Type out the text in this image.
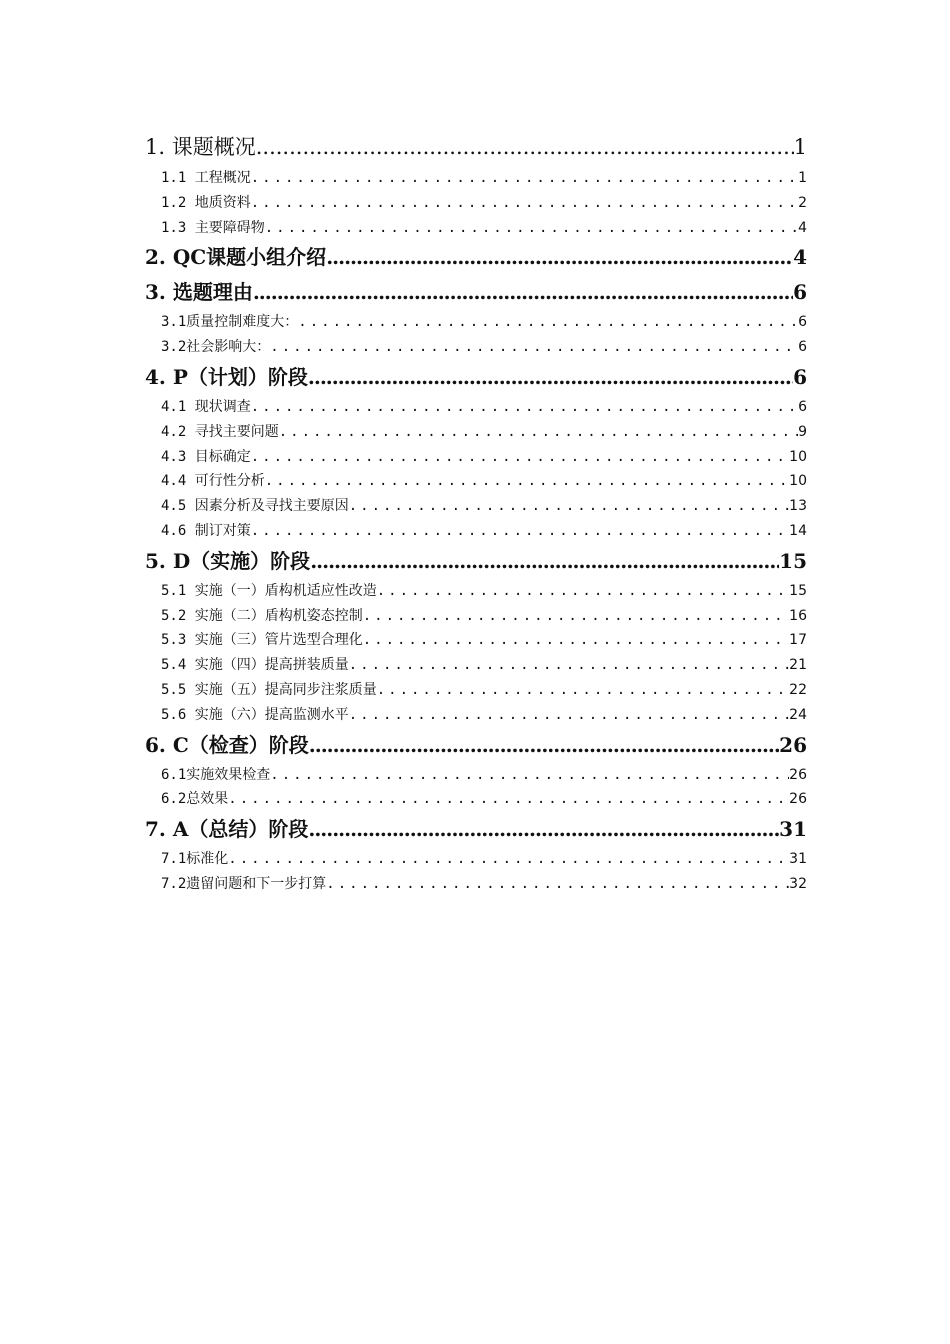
1. 课题概况 .....	1
1.1 工程概况 .....	1
1.2 地质资料 .....	2
1.3 主要障碍物 .....	4
2. QC课题小组介绍 .....	4
3. 选题理由 .....	6
3.1质量控制难度大： .....	6
3.2社会影响大： .....	6
4. P（计划）阶段 .....	6
4.1 现状调查 .....	6
4.2 寻找主要问题 .....	9
4.3 目标确定 .....	10
4.4 可行性分析 .....	10
4.5 因素分析及寻找主要原因 .....	13
4.6 制订对策 .....	14
5. D（实施）阶段 .....	15
5.1 实施（一）盾构机适应性改造 .....	15
5.2 实施（二）盾构机姿态控制 .....	16
5.3 实施（三）管片选型合理化 .....	17
5.4 实施（四）提高拼装质量 .....	21
5.5 实施（五）提高同步注浆质量 .....	22
5.6 实施（六）提高监测水平 .....	24
6. C（检查）阶段 .....	26
6.1实施效果检查 .....	26
6.2总效果 .....	26
7. A（总结）阶段 .....	31
7.1标准化 .....	31
7.2遗留问题和下一步打算 .....	32
